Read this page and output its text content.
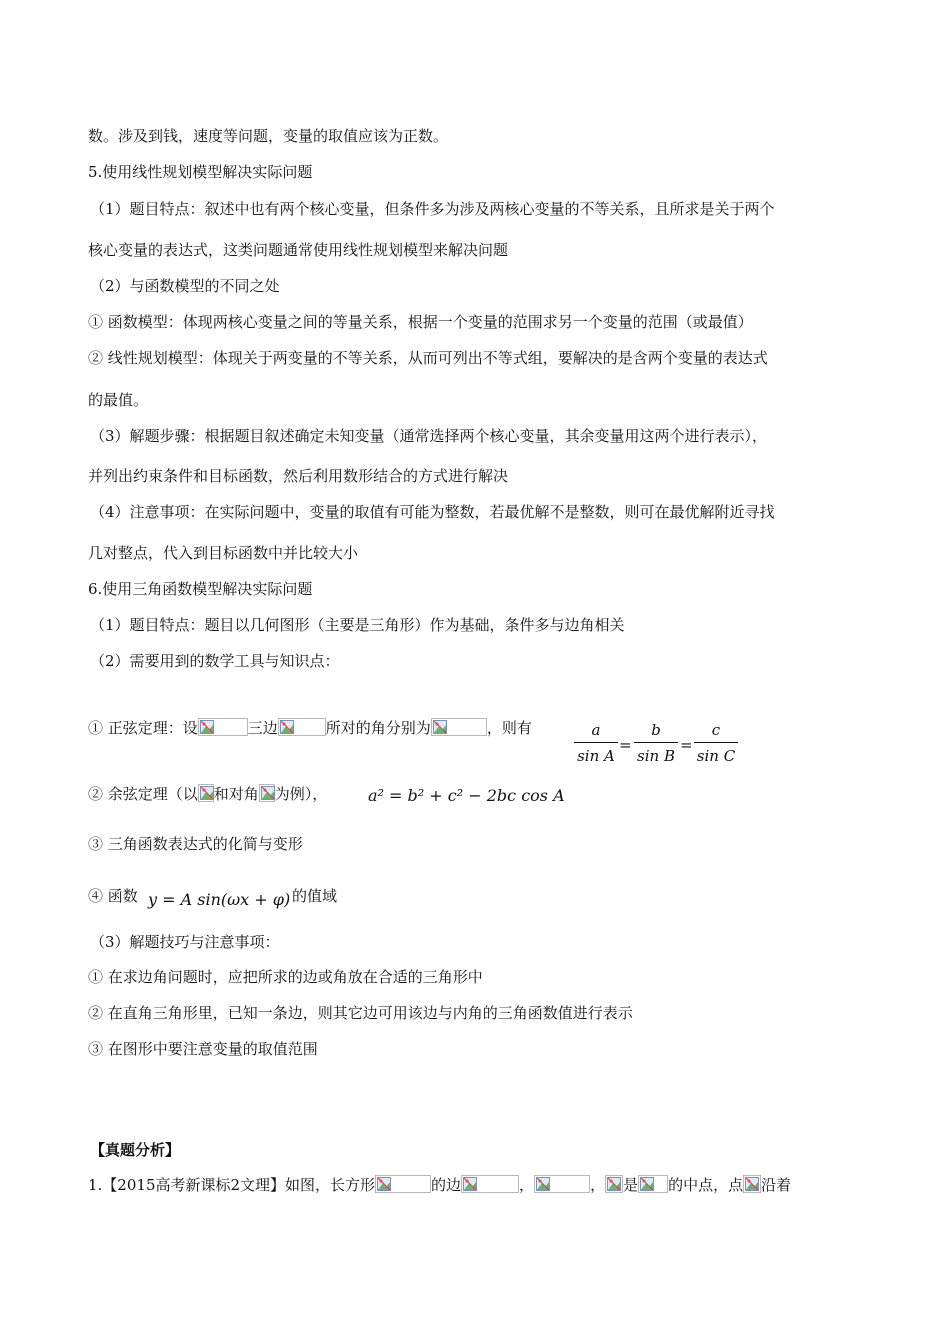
数。涉及到钱，速度等问题，变量的取值应该为正数。
5.使用线性规划模型解决实际问题
（1）题目特点：叙述中也有两个核心变量，但条件多为涉及两核心变量的不等关系，且所求是关于两个
核心变量的表达式，这类问题通常使用线性规划模型来解决问题
（2）与函数模型的不同之处
① 函数模型：体现两核心变量之间的等量关系，根据一个变量的范围求另一个变量的范围（或最值）
② 线性规划模型：体现关于两变量的不等关系，从而可列出不等式组，要解决的是含两个变量的表达式
的最值。
（3）解题步骤：根据题目叙述确定未知变量（通常选择两个核心变量，其余变量用这两个进行表示），
并列出约束条件和目标函数，然后利用数形结合的方式进行解决
（4）注意事项：在实际问题中，变量的取值有可能为整数，若最优解不是整数，则可在最优解附近寻找
几对整点，代入到目标函数中并比较大小
6.使用三角函数模型解决实际问题
（1）题目特点：题目以几何图形（主要是三角形）作为基础，条件多与边角相关
（2）需要用到的数学工具与知识点：
① 正弦定理：设	三边	所对的角分别为	，则有	$\frac{a}{\text{sin A}} = \frac{b}{\text{sin B}} = \frac{c}{\text{sin C}}$
② 余弦定理（以 和对角 为例），	a² = b² + c² − 2bc cos A
③ 三角函数表达式的化简与变形
④ 函数 y = A sin(ωx + φ) 的值域
（3）解题技巧与注意事项：
① 在求边角问题时，应把所求的边或角放在合适的三角形中
② 在直角三角形里，已知一条边，则其它边可用该边与内角的三角函数值进行表示
③ 在图形中要注意变量的取值范围
【真题分析】
1.【2015高考新课标2文理】如图，长方形	的边	，	， 是 的中点，点 沿着
